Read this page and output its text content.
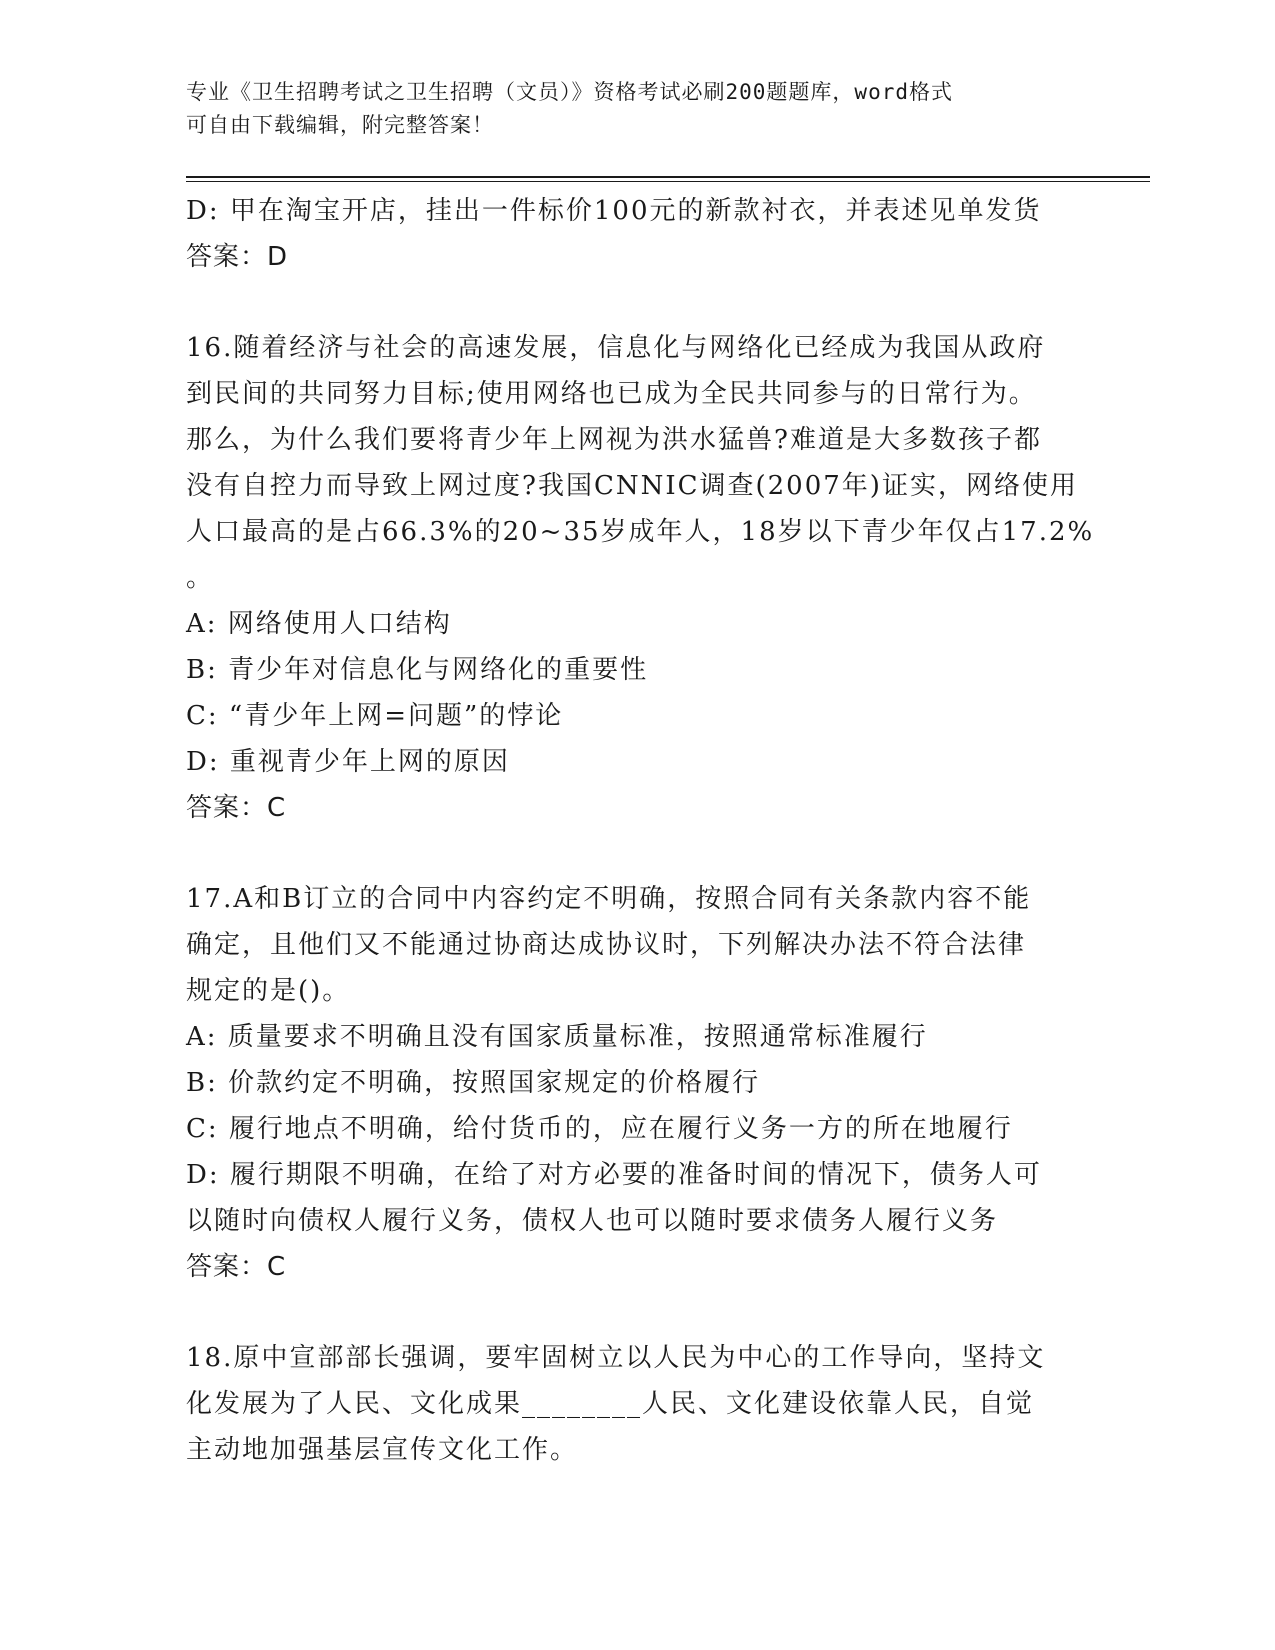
专业《卫生招聘考试之卫生招聘（文员）》资格考试必刷200题题库，word格式
可自由下载编辑，附完整答案！
D: 甲在淘宝开店，挂出一件标价100元的新款衬衣，并表述见单发货
答案：D
16.随着经济与社会的高速发展，信息化与网络化已经成为我国从政府
到民间的共同努力目标;使用网络也已成为全民共同参与的日常行为。
那么，为什么我们要将青少年上网视为洪水猛兽?难道是大多数孩子都
没有自控力而导致上网过度?我国CNNIC调查(2007年)证实，网络使用
人口最高的是占66.3%的20~35岁成年人，18岁以下青少年仅占17.2%
。
A: 网络使用人口结构
B: 青少年对信息化与网络化的重要性
C: “青少年上网=问题”的悖论
D: 重视青少年上网的原因
答案：C
17.A和B订立的合同中内容约定不明确，按照合同有关条款内容不能
确定，且他们又不能通过协商达成协议时，下列解决办法不符合法律
规定的是()。
A: 质量要求不明确且没有国家质量标准，按照通常标准履行
B: 价款约定不明确，按照国家规定的价格履行
C: 履行地点不明确，给付货币的，应在履行义务一方的所在地履行
D: 履行期限不明确，在给了对方必要的准备时间的情况下，债务人可
以随时向债权人履行义务，债权人也可以随时要求债务人履行义务
答案：C
18.原中宣部部长强调，要牢固树立以人民为中心的工作导向，坚持文
化发展为了人民、文化成果________人民、文化建设依靠人民，自觉
主动地加强基层宣传文化工作。
